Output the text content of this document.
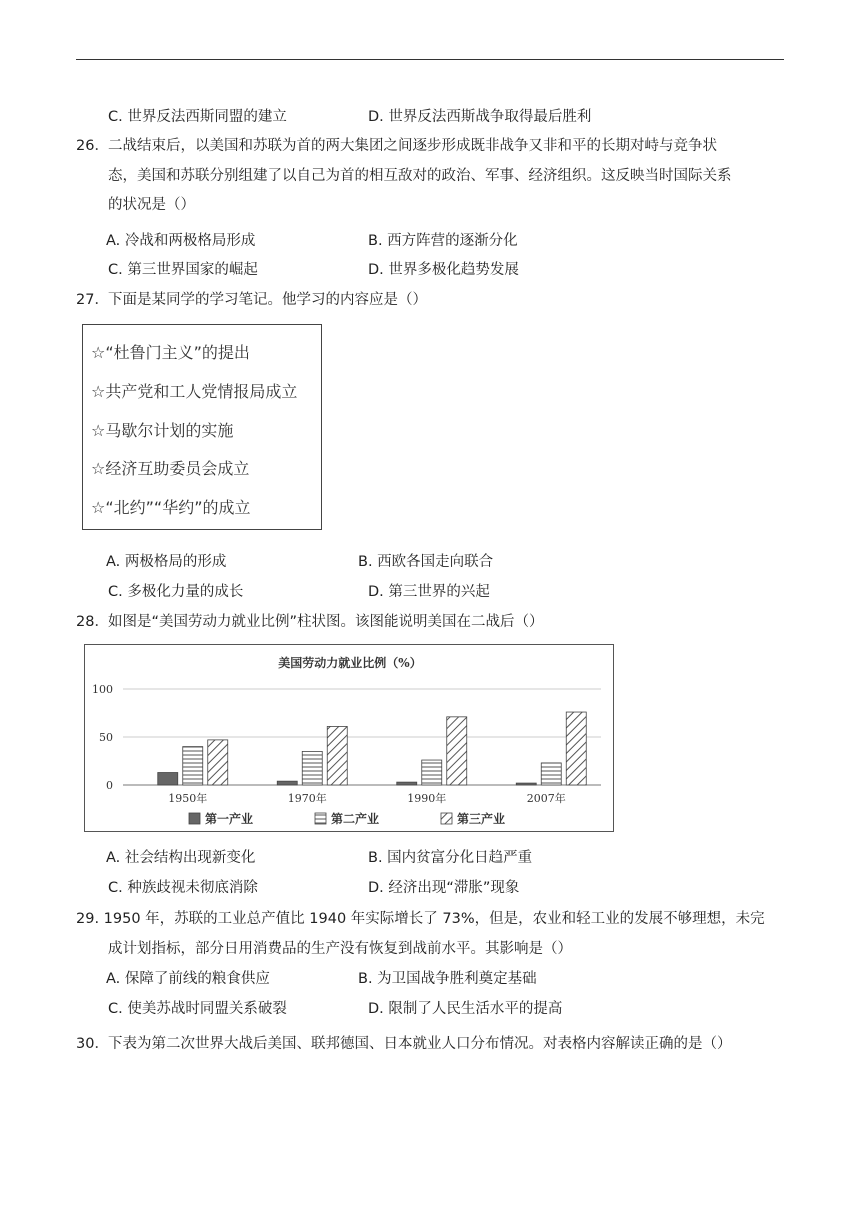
C. 世界反法西斯同盟的建立	D. 世界反法西斯战争取得最后胜利
26． 二战结束后，以美国和苏联为首的两大集团之间逐步形成既非战争又非和平的长期对峙与竞争状
态，美国和苏联分别组建了以自己为首的相互敌对的政治、军事、经济组织。这反映当时国际关系
的状况是（）
A. 冷战和两极格局形成	B. 西方阵营的逐渐分化
C. 第三世界国家的崛起	D. 世界多极化趋势发展
27． 下面是某同学的学习笔记。他学习的内容应是（）
☆“杜鲁门主义”的提出
☆共产党和工人党情报局成立
☆马歇尔计划的实施
☆经济互助委员会成立
☆“北约”“华约”的成立
A. 两极格局的形成	B. 西欧各国走向联合
C. 多极化力量的成长	D. 第三世界的兴起
28． 如图是“美国劳动力就业比例”柱状图。该图能说明美国在二战后（）
美国劳动力就业比例（%）
0
50
100
1950年	1970年	1990年	2007年
第一产业	第二产业	第三产业
A. 社会结构出现新变化	B. 国内贫富分化日趋严重
C. 种族歧视未彻底消除	D. 经济出现“滞胀”现象
29. 1950 年，苏联的工业总产值比 1940 年实际增长了 73%，但是，农业和轻工业的发展不够理想，未完
成计划指标，部分日用消费品的生产没有恢复到战前水平。其影响是（）
A. 保障了前线的粮食供应	B. 为卫国战争胜利奠定基础
C. 使美苏战时同盟关系破裂	D. 限制了人民生活水平的提高
30． 下表为第二次世界大战后美国、联邦德国、日本就业人口分布情况。对表格内容解读正确的是（）
